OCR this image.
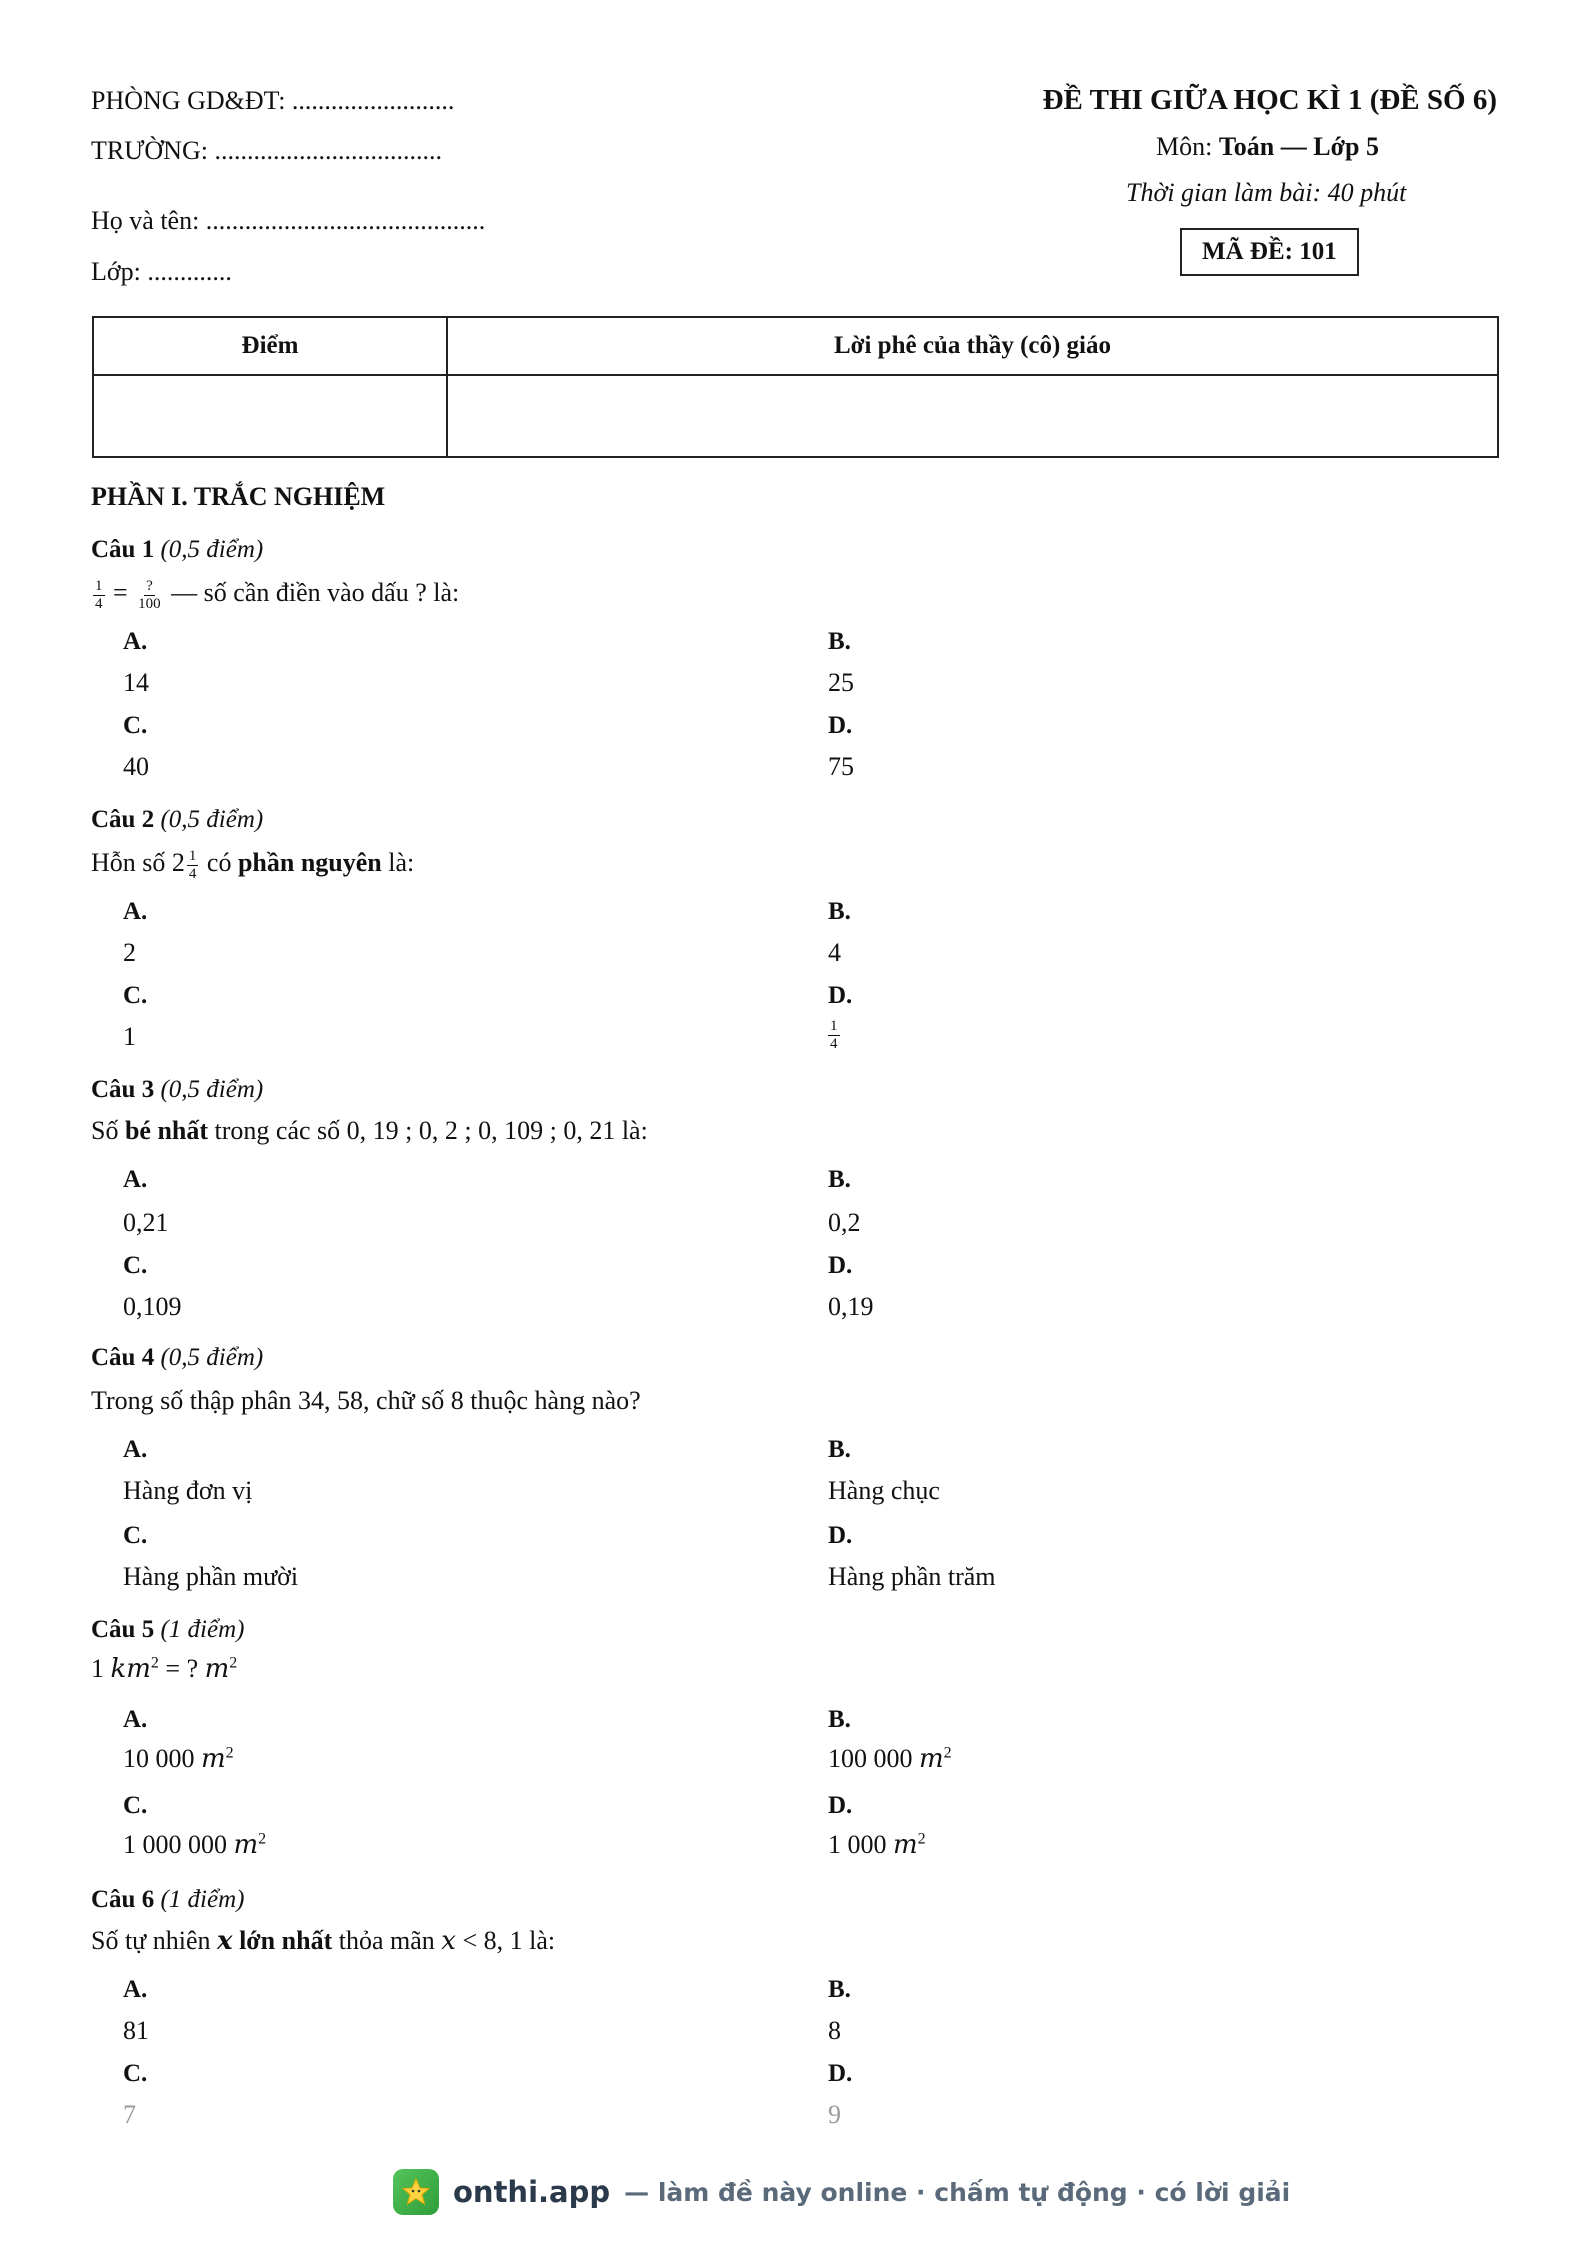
PHÒNG GD&ĐT: .........................
TRƯỜNG: ...................................
Họ và tên: ...........................................
Lớp: .............
ĐỀ THI GIỮA HỌC KÌ 1 (ĐỀ SỐ 6)
Môn: Toán — Lớp 5
Thời gian làm bài: 40 phút
MÃ ĐỀ: 101
Điểm	Lời phê của thầy (cô) giáo

PHẦN I. TRẮC NGHIỆM
Câu 1 (0,5 điểm)
$\frac{1}{4} = \frac{?}{100}$ — số cần điền vào dấu ? là:
A.
14
B.
25
C.
40
D.
75
Câu 2 (0,5 điểm)
Hỗn số $2 \frac{1}{4}$ có phần nguyên là:
A.
2
B.
4
C.
1
D.
$\frac{1}{4}$
Câu 3 (0,5 điểm)
Số bé nhất trong các số 0, 19 ; 0, 2 ; 0, 109 ; 0, 21 là:
A.
0,21
B.
0,2
C.
0,109
D.
0,19
Câu 4 (0,5 điểm)
Trong số thập phân 34, 58, chữ số 8 thuộc hàng nào?
A.
Hàng đơn vị
B.
Hàng chục
C.
Hàng phần mười
D.
Hàng phần trăm
Câu 5 (1 điểm)
1 $km^2$ = ? $m^2$
A.
10 000 $m^2$
B.
100 000 $m^2$
C.
1 000 000 $m^2$
D.
1 000 $m^2$
Câu 6 (1 điểm)
Số tự nhiên x lớn nhất thỏa mãn x < 8, 1 là:
A.
81
B.
8
C.
7
D.
9
onthi.app — làm đề này online · chấm tự động · có lời giải
